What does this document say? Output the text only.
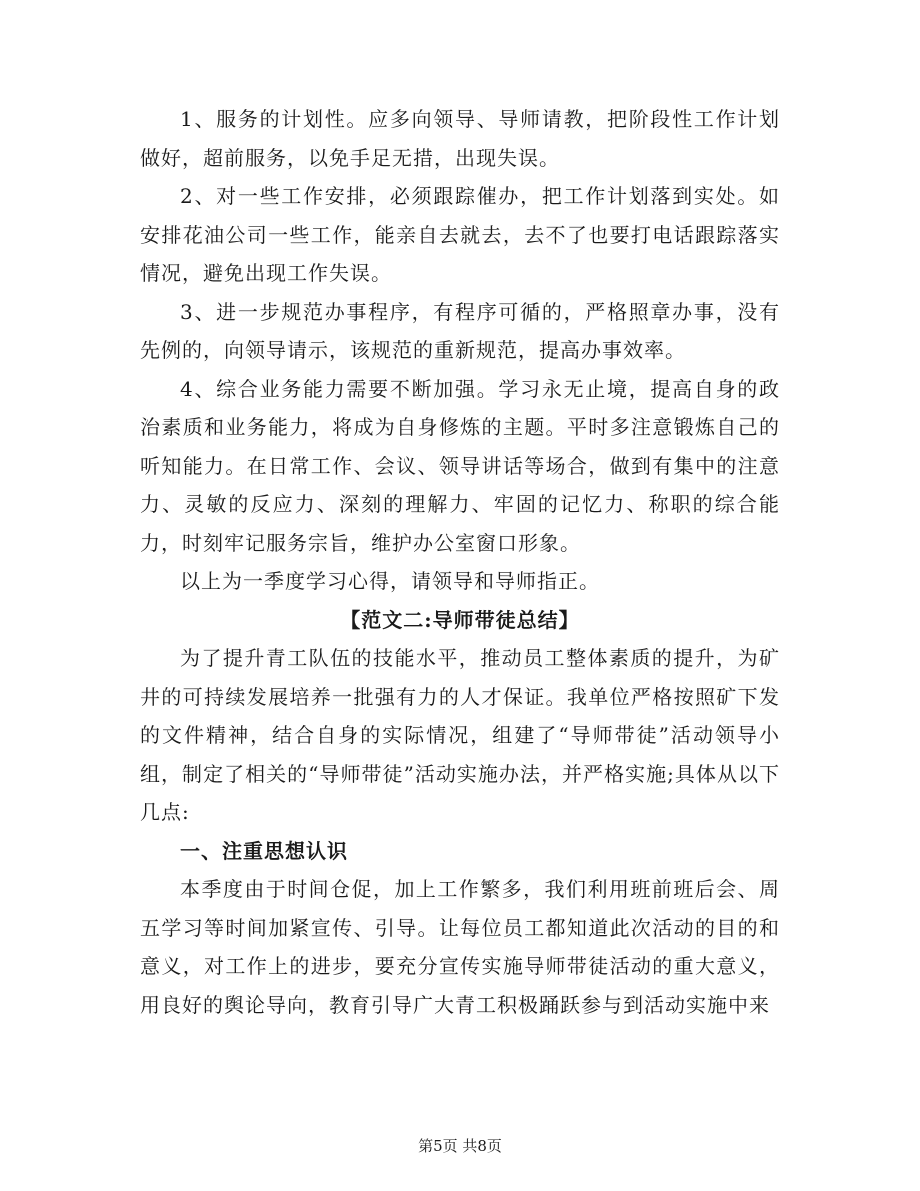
1、服务的计划性。应多向领导、导师请教，把阶段性工作计划做好，超前服务，以免手足无措，出现失误。

2、对一些工作安排，必须跟踪催办，把工作计划落到实处。如安排花油公司一些工作，能亲自去就去，去不了也要打电话跟踪落实情况，避免出现工作失误。

3、进一步规范办事程序，有程序可循的，严格照章办事，没有先例的，向领导请示，该规范的重新规范，提高办事效率。

4、综合业务能力需要不断加强。学习永无止境，提高自身的政治素质和业务能力，将成为自身修炼的主题。平时多注意锻炼自己的听知能力。在日常工作、会议、领导讲话等场合，做到有集中的注意力、灵敏的反应力、深刻的理解力、牢固的记忆力、称职的综合能力，时刻牢记服务宗旨，维护办公室窗口形象。

以上为一季度学习心得，请领导和导师指正。

【范文二:导师带徒总结】

为了提升青工队伍的技能水平，推动员工整体素质的提升，为矿井的可持续发展培养一批强有力的人才保证。我单位严格按照矿下发的文件精神，结合自身的实际情况，组建了“导师带徒”活动领导小组，制定了相关的“导师带徒”活动实施办法，并严格实施;具体从以下几点:

一、注重思想认识

本季度由于时间仓促，加上工作繁多，我们利用班前班后会、周五学习等时间加紧宣传、引导。让每位员工都知道此次活动的目的和意义，对工作上的进步，要充分宣传实施导师带徒活动的重大意义，用良好的舆论导向，教育引导广大青工积极踊跃参与到活动实施中来

第5页 共8页
